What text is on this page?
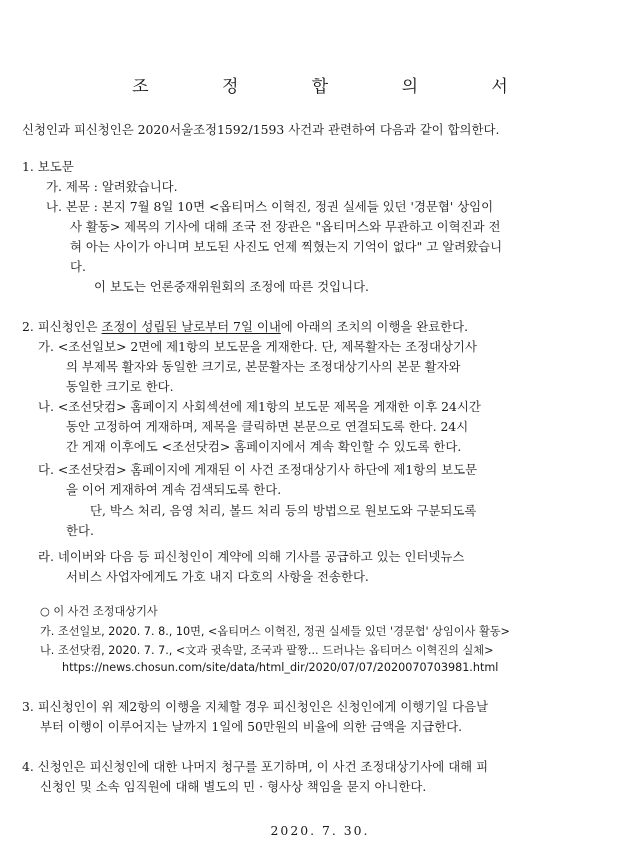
조 정 합 의 서
신청인과 피신청인은 2020서울조정1592/1593 사건과 관련하여 다음과 같이 합의한다.
1. 보도문
가. 제목 : 알려왔습니다.
나. 본문 : 본지 7월 8일 10면 <옵티머스 이혁진, 정권 실세들 있던 '경문협' 상임이
사 활동> 제목의 기사에 대해 조국 전 장관은 "옵티머스와 무관하고 이혁진과 전
혀 아는 사이가 아니며 보도된 사진도 언제 찍혔는지 기억이 없다" 고 알려왔습니
다.
이 보도는 언론중재위원회의 조정에 따른 것입니다.
2. 피신청인은 조정이 성립된 날로부터 7일 이내에 아래의 조치의 이행을 완료한다.
가. <조선일보> 2면에 제1항의 보도문을 게재한다. 단, 제목활자는 조정대상기사
의 부제목 활자와 동일한 크기로, 본문활자는 조정대상기사의 본문 활자와
동일한 크기로 한다.
나. <조선닷컴> 홈페이지 사회섹션에 제1항의 보도문 제목을 게재한 이후 24시간
동안 고정하여 게재하며, 제목을 클릭하면 본문으로 연결되도록 한다. 24시
간 게재 이후에도 <조선닷컴> 홈페이지에서 계속 확인할 수 있도록 한다.
다. <조선닷컴> 홈페이지에 게재된 이 사건 조정대상기사 하단에 제1항의 보도문
을 이어 게재하여 계속 검색되도록 한다.
단, 박스 처리, 음영 처리, 볼드 처리 등의 방법으로 원보도와 구분되도록
한다.
라. 네이버와 다음 등 피신청인이 계약에 의해 기사를 공급하고 있는 인터넷뉴스
서비스 사업자에게도 가호 내지 다호의 사항을 전송한다.
○ 이 사건 조정대상기사
가. 조선일보, 2020. 7. 8., 10면, <옵티머스 이혁진, 정권 실세들 있던 '경문협' 상임이사 활동>
나. 조선닷컴, 2020. 7. 7., <文과 귓속말, 조국과 팔짱... 드러나는 옵티머스 이혁진의 실체>
https://news.chosun.com/site/data/html_dir/2020/07/07/2020070703981.html
3. 피신청인이 위 제2항의 이행을 지체할 경우 피신청인은 신청인에게 이행기일 다음날
부터 이행이 이루어지는 날까지 1일에 50만원의 비율에 의한 금액을 지급한다.
4. 신청인은 피신청인에 대한 나머지 청구를 포기하며, 이 사건 조정대상기사에 대해 피
신청인 및 소속 임직원에 대해 별도의 민 · 형사상 책임을 묻지 아니한다.
2020. 7. 30.
